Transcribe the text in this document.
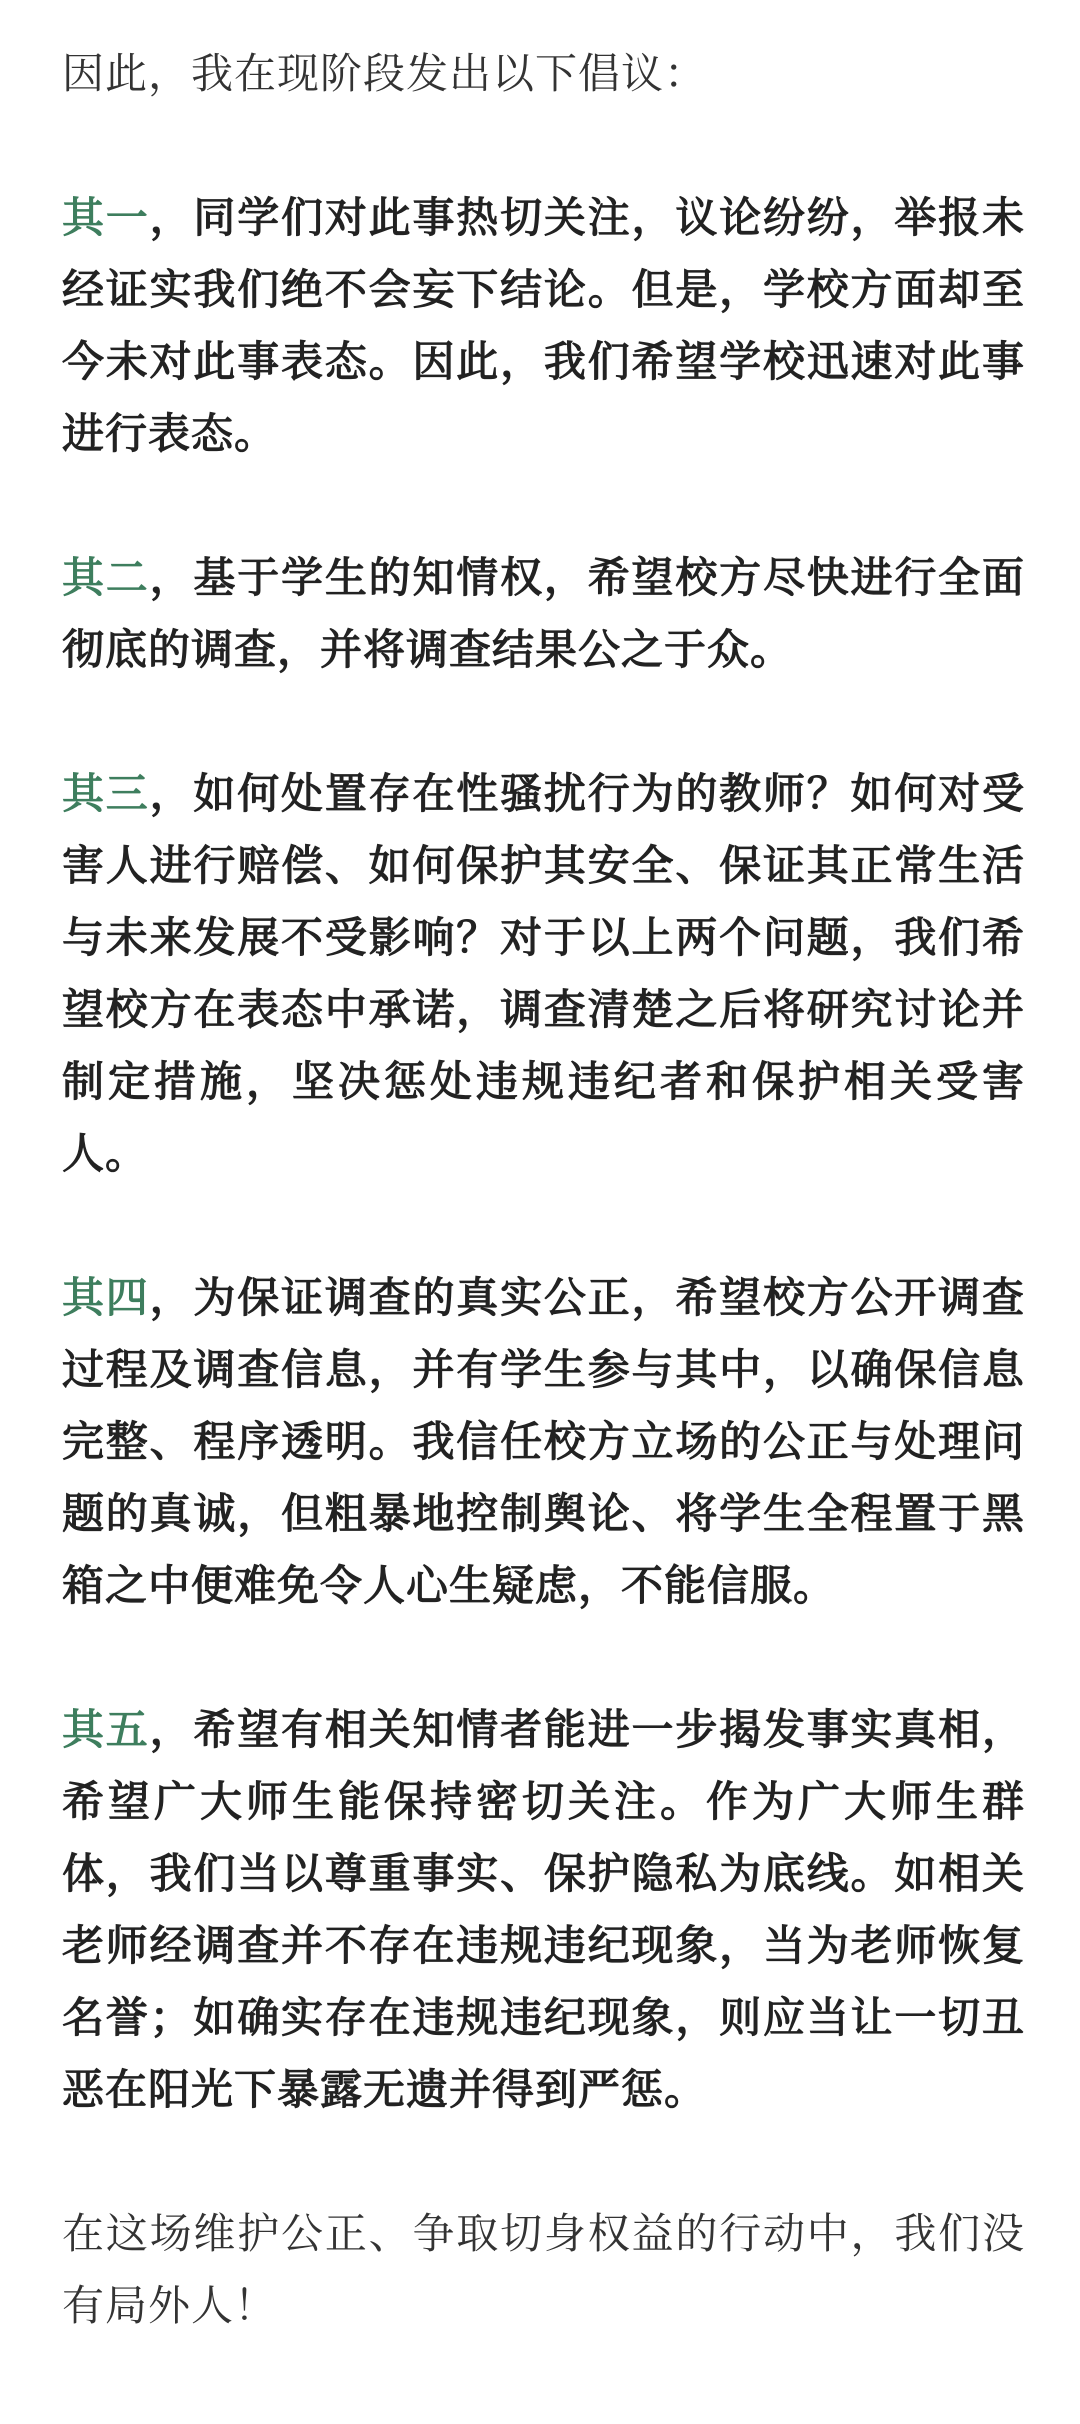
因此，我在现阶段发出以下倡议：

其一，同学们对此事热切关注，议论纷纷，举报未经证实我们绝不会妄下结论。但是，学校方面却至今未对此事表态。因此，我们希望学校迅速对此事进行表态。

其二，基于学生的知情权，希望校方尽快进行全面彻底的调查，并将调查结果公之于众。

其三，如何处置存在性骚扰行为的教师？如何对受害人进行赔偿、如何保护其安全、保证其正常生活与未来发展不受影响？对于以上两个问题，我们希望校方在表态中承诺，调查清楚之后将研究讨论并制定措施，坚决惩处违规违纪者和保护相关受害人。

其四，为保证调查的真实公正，希望校方公开调查过程及调查信息，并有学生参与其中，以确保信息完整、程序透明。我信任校方立场的公正与处理问题的真诚，但粗暴地控制舆论、将学生全程置于黑箱之中便难免令人心生疑虑，不能信服。

其五，希望有相关知情者能进一步揭发事实真相，希望广大师生能保持密切关注。作为广大师生群体，我们当以尊重事实、保护隐私为底线。如相关老师经调查并不存在违规违纪现象，当为老师恢复名誉；如确实存在违规违纪现象，则应当让一切丑恶在阳光下暴露无遗并得到严惩。

在这场维护公正、争取切身权益的行动中，我们没有局外人！
